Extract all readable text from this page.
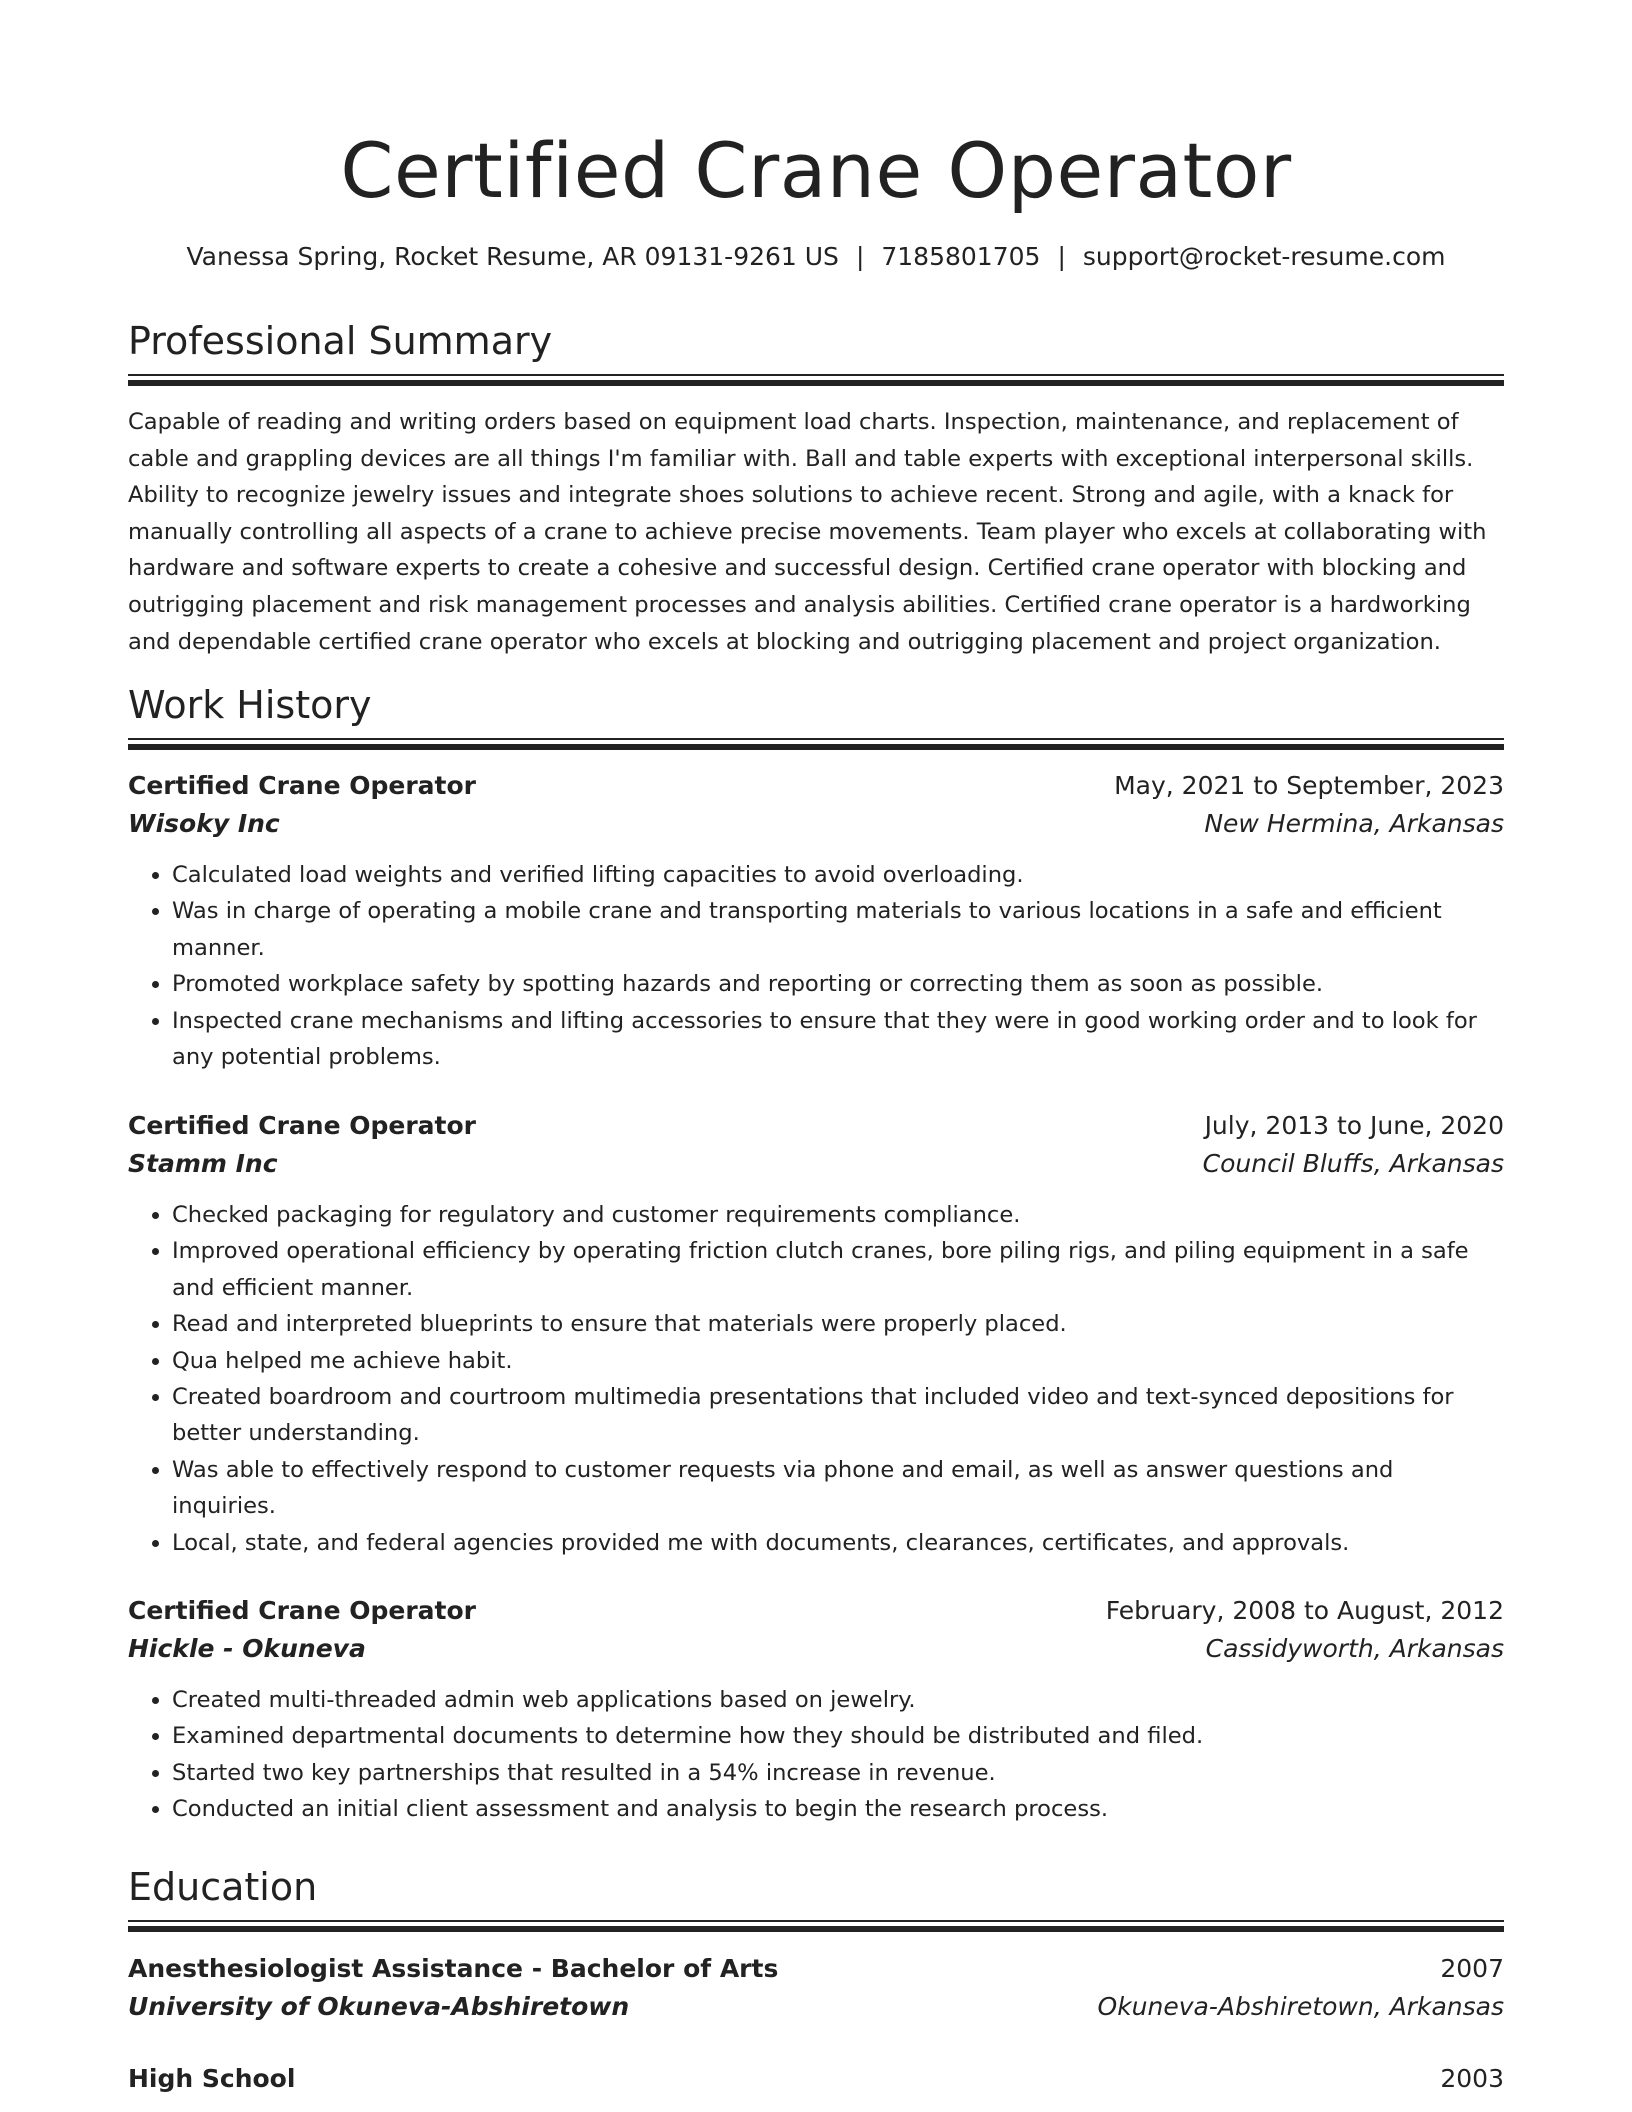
Certified Crane Operator
Vanessa Spring, Rocket Resume, AR 09131-9261 US | 7185801705 | support@rocket-resume.com
Professional Summary
Capable of reading and writing orders based on equipment load charts. Inspection, maintenance, and replacement of cable and grappling devices are all things I'm familiar with. Ball and table experts with exceptional interpersonal skills. Ability to recognize jewelry issues and integrate shoes solutions to achieve recent. Strong and agile, with a knack for manually controlling all aspects of a crane to achieve precise movements. Team player who excels at collaborating with hardware and software experts to create a cohesive and successful design. Certified crane operator with blocking and outrigging placement and risk management processes and analysis abilities. Certified crane operator is a hardworking and dependable certified crane operator who excels at blocking and outrigging placement and project organization.
Work History
Certified Crane Operator	May, 2021 to September, 2023
Wisoky Inc	New Hermina, Arkansas
• Calculated load weights and verified lifting capacities to avoid overloading.
• Was in charge of operating a mobile crane and transporting materials to various locations in a safe and efficient manner.
• Promoted workplace safety by spotting hazards and reporting or correcting them as soon as possible.
• Inspected crane mechanisms and lifting accessories to ensure that they were in good working order and to look for any potential problems.
Certified Crane Operator	July, 2013 to June, 2020
Stamm Inc	Council Bluffs, Arkansas
• Checked packaging for regulatory and customer requirements compliance.
• Improved operational efficiency by operating friction clutch cranes, bore piling rigs, and piling equipment in a safe and efficient manner.
• Read and interpreted blueprints to ensure that materials were properly placed.
• Qua helped me achieve habit.
• Created boardroom and courtroom multimedia presentations that included video and text-synced depositions for better understanding.
• Was able to effectively respond to customer requests via phone and email, as well as answer questions and inquiries.
• Local, state, and federal agencies provided me with documents, clearances, certificates, and approvals.
Certified Crane Operator	February, 2008 to August, 2012
Hickle - Okuneva	Cassidyworth, Arkansas
• Created multi-threaded admin web applications based on jewelry.
• Examined departmental documents to determine how they should be distributed and filed.
• Started two key partnerships that resulted in a 54% increase in revenue.
• Conducted an initial client assessment and analysis to begin the research process.
Education
Anesthesiologist Assistance - Bachelor of Arts	2007
University of Okuneva-Abshiretown	Okuneva-Abshiretown, Arkansas
High School	2003
